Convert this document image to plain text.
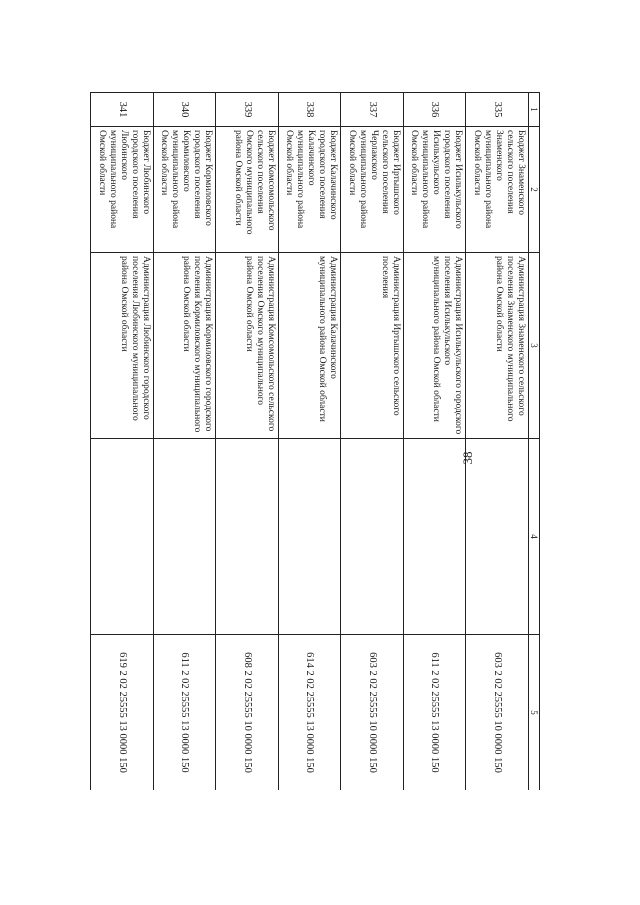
38
1	2	3	4	5
335	Бюджет Знаменского сельского поселения Знаменского муниципального района Омской области	Администрация Знаменского сельского поселения Знаменского муниципального района Омской области		603 2 02 25555 10 0000 150
336	Бюджет Исилькульского городского поселения Исилькульского муниципального района Омской области	Администрация Исилькульского городского поселения Исилькульского муниципального района Омской области		611 2 02 25555 13 0000 150
337	Бюджет Иртышского сельского поселения Черлакского муниципального района Омской области	Администрация Иртышского сельского поселения		603 2 02 25555 10 0000 150
338	Бюджет Калачинского городского поселения Калачинского муниципального района Омской области	Администрация Калачинского муниципального района Омской области		614 2 02 25555 13 0000 150
339	Бюджет Комсомольского сельского поселения Омского муниципального района Омской области	Администрация Комсомольского сельского поселения Омского муниципального района Омской области		608 2 02 25555 10 0000 150
340	Бюджет Кормиловского городского поселения Кормиловского муниципального района Омской области	Администрация Кормиловского городского поселения Кормиловского муниципального района Омской области		611 2 02 25555 13 0000 150
341	Бюджет Любинского городского поселения Любинского муниципального района Омской области	Администрация Любинского городского поселения Любинского муниципального района Омской области		619 2 02 25555 13 0000 150
